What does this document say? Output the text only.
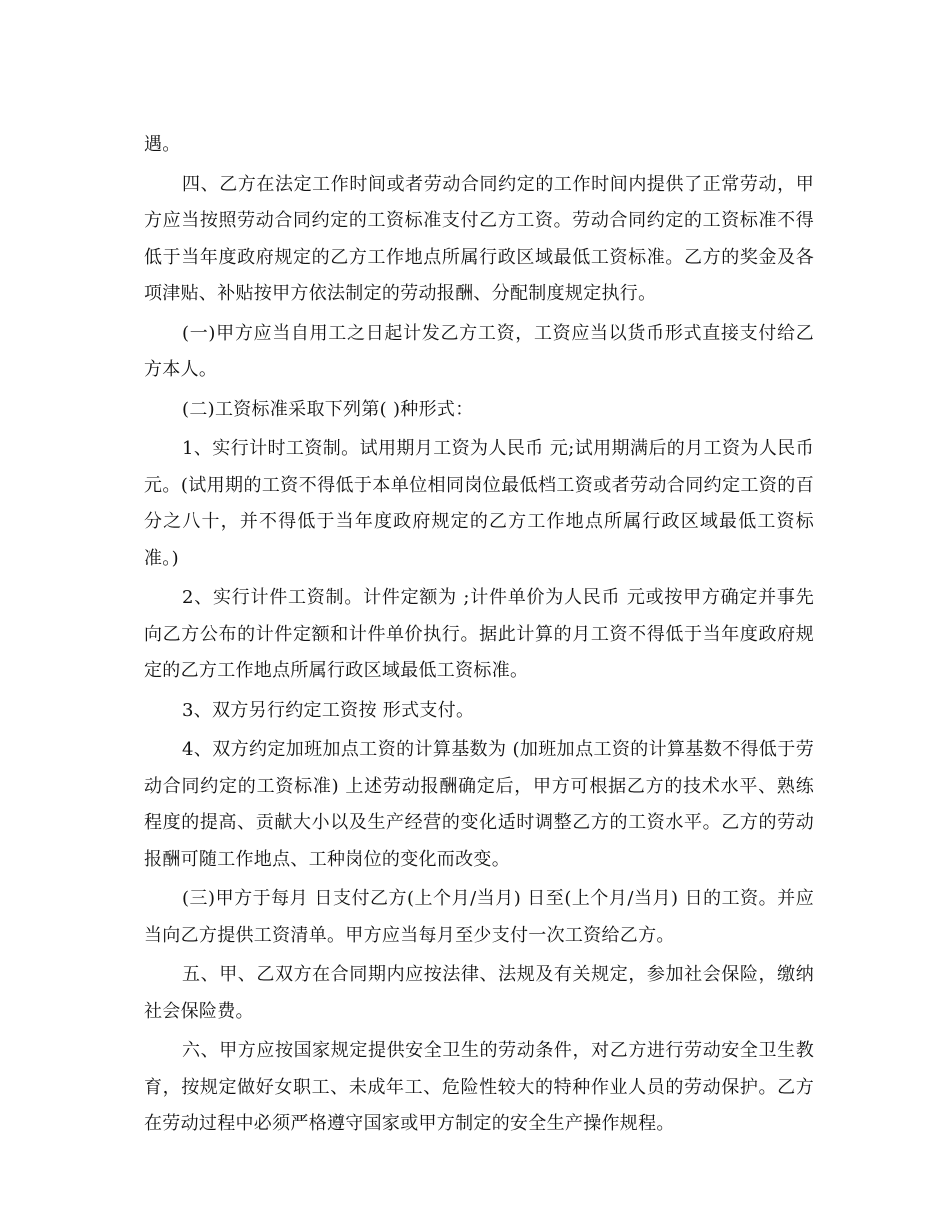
遇。

四、乙方在法定工作时间或者劳动合同约定的工作时间内提供了正常劳动，甲方应当按照劳动合同约定的工资标准支付乙方工资。劳动合同约定的工资标准不得低于当年度政府规定的乙方工作地点所属行政区域最低工资标准。乙方的奖金及各项津贴、补贴按甲方依法制定的劳动报酬、分配制度规定执行。

(一)甲方应当自用工之日起计发乙方工资，工资应当以货币形式直接支付给乙方本人。

(二)工资标准采取下列第( )种形式：

1、实行计时工资制。试用期月工资为人民币 元;试用期满后的月工资为人民币 元。(试用期的工资不得低于本单位相同岗位最低档工资或者劳动合同约定工资的百分之八十，并不得低于当年度政府规定的乙方工作地点所属行政区域最低工资标准。)

2、实行计件工资制。计件定额为 ;计件单价为人民币 元或按甲方确定并事先向乙方公布的计件定额和计件单价执行。据此计算的月工资不得低于当年度政府规定的乙方工作地点所属行政区域最低工资标准。

3、双方另行约定工资按 形式支付。

4、双方约定加班加点工资的计算基数为 (加班加点工资的计算基数不得低于劳动合同约定的工资标准) 上述劳动报酬确定后，甲方可根据乙方的技术水平、熟练程度的提高、贡献大小以及生产经营的变化适时调整乙方的工资水平。乙方的劳动报酬可随工作地点、工种岗位的变化而改变。

(三)甲方于每月 日支付乙方(上个月/当月) 日至(上个月/当月) 日的工资。并应当向乙方提供工资清单。甲方应当每月至少支付一次工资给乙方。

五、甲、乙双方在合同期内应按法律、法规及有关规定，参加社会保险，缴纳社会保险费。

六、甲方应按国家规定提供安全卫生的劳动条件，对乙方进行劳动安全卫生教育，按规定做好女职工、未成年工、危险性较大的特种作业人员的劳动保护。乙方在劳动过程中必须严格遵守国家或甲方制定的安全生产操作规程。
